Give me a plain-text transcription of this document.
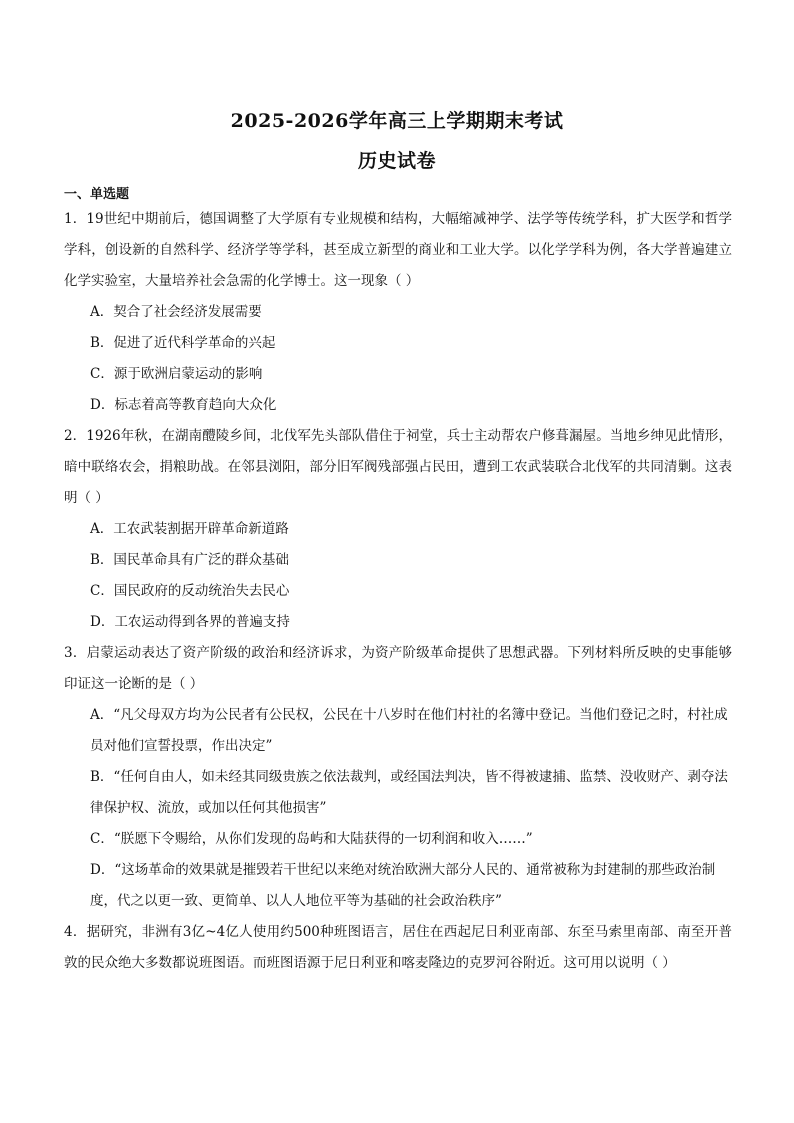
2025-2026学年高三上学期期末考试
历史试卷
一、单选题

1．19世纪中期前后，德国调整了大学原有专业规模和结构，大幅缩减神学、法学等传统学科，扩大医学和哲学学科，创设新的自然科学、经济学等学科，甚至成立新型的商业和工业大学。以化学学科为例，各大学普遍建立化学实验室，大量培养社会急需的化学博士。这一现象（ ）

A．契合了社会经济发展需要

B．促进了近代科学革命的兴起

C．源于欧洲启蒙运动的影响

D．标志着高等教育趋向大众化

2．1926年秋，在湖南醴陵乡间，北伐军先头部队借住于祠堂，兵士主动帮农户修葺漏屋。当地乡绅见此情形，暗中联络农会，捐粮助战。在邻县浏阳，部分旧军阀残部强占民田，遭到工农武装联合北伐军的共同清剿。这表明（ ）

A．工农武装割据开辟革命新道路

B．国民革命具有广泛的群众基础

C．国民政府的反动统治失去民心

D．工农运动得到各界的普遍支持

3．启蒙运动表达了资产阶级的政治和经济诉求，为资产阶级革命提供了思想武器。下列材料所反映的史事能够印证这一论断的是（ ）

A．“凡父母双方均为公民者有公民权，公民在十八岁时在他们村社的名簿中登记。当他们登记之时，村社成员对他们宣誓投票，作出决定”

B．“任何自由人，如未经其同级贵族之依法裁判，或经国法判决，皆不得被逮捕、监禁、没收财产、剥夺法律保护权、流放，或加以任何其他损害”

C．“朕愿下令赐给，从你们发现的岛屿和大陆获得的一切利润和收入……”

D．“这场革命的效果就是摧毁若干世纪以来绝对统治欧洲大部分人民的、通常被称为封建制的那些政治制度，代之以更一致、更简单、以人人地位平等为基础的社会政治秩序”

4．据研究，非洲有3亿~4亿人使用约500种班图语言，居住在西起尼日利亚南部、东至马索里南部、南至开普敦的民众绝大多数都说班图语。而班图语源于尼日利亚和喀麦隆边的克罗河谷附近。这可用以说明（ ）
